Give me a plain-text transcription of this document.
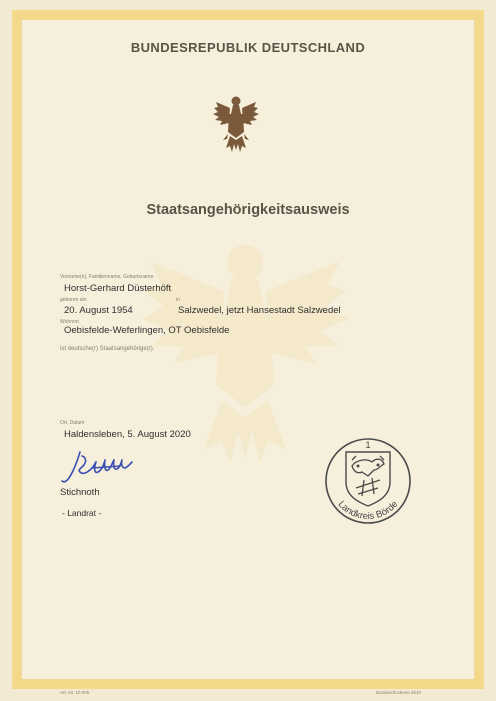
BUNDESREPUBLIK DEUTSCHLAND
Staatsangehörigkeitsausweis
Vorname(n), Familienname, Geburtsname
Horst-Gerhard Düsterhöft
geboren am
20. August 1954
in
Salzwedel, jetzt Hansestadt Salzwedel
Wohnort
Oebisfelde-Weferlingen, OT Oebisfelde
ist deutsche(r) Staatsangehörige(r).
Ort, Datum
Haldensleben, 5. August 2020
Stichnoth
- Landrat -
1
Landkreis Börde
Art.-Nr. 10 005	Bundesdruckerei 2010
